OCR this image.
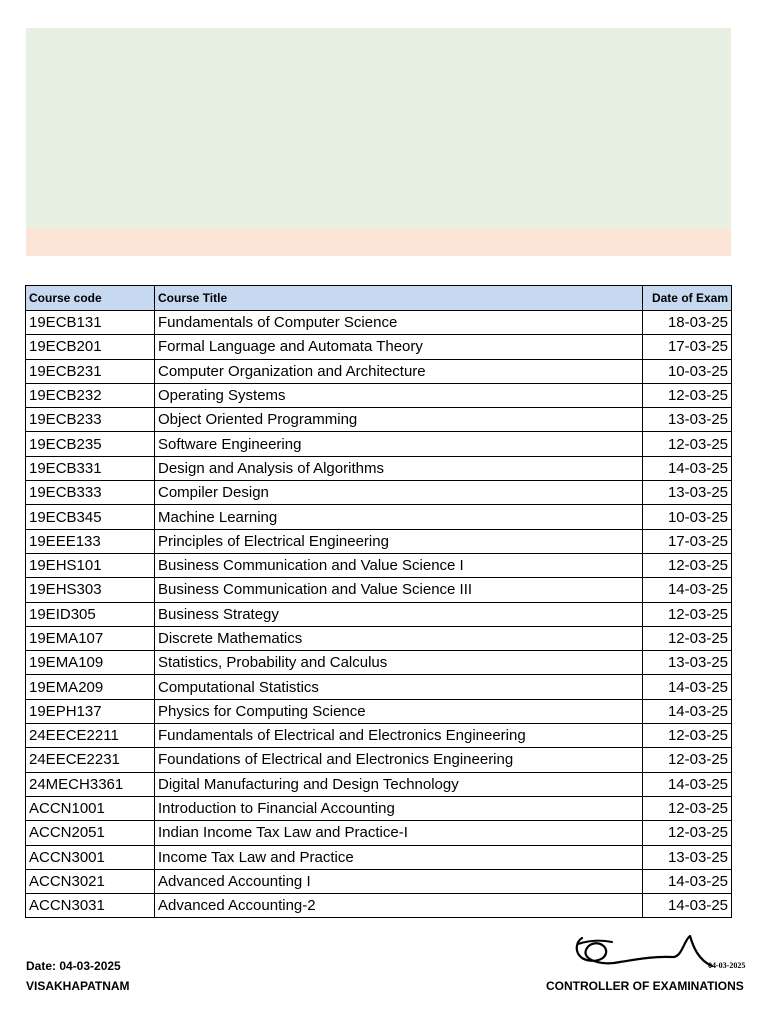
Course code	Course Title	Date of Exam
19ECB131	Fundamentals of Computer Science	18-03-25
19ECB201	Formal Language and Automata Theory	17-03-25
19ECB231	Computer Organization and Architecture	10-03-25
19ECB232	Operating Systems	12-03-25
19ECB233	Object Oriented Programming	13-03-25
19ECB235	Software Engineering	12-03-25
19ECB331	Design and Analysis of Algorithms	14-03-25
19ECB333	Compiler Design	13-03-25
19ECB345	Machine Learning	10-03-25
19EEE133	Principles of Electrical Engineering	17-03-25
19EHS101	Business Communication and Value Science I	12-03-25
19EHS303	Business Communication and Value Science III	14-03-25
19EID305	Business Strategy	12-03-25
19EMA107	Discrete Mathematics	12-03-25
19EMA109	Statistics, Probability and Calculus	13-03-25
19EMA209	Computational Statistics	14-03-25
19EPH137	Physics for Computing Science	14-03-25
24EECE2211	Fundamentals of Electrical and Electronics Engineering	12-03-25
24EECE2231	Foundations of Electrical and Electronics Engineering	12-03-25
24MECH3361	Digital Manufacturing and Design Technology	14-03-25
ACCN1001	Introduction to Financial Accounting	12-03-25
ACCN2051	Indian Income Tax Law and Practice-I	12-03-25
ACCN3001	Income Tax Law and Practice	13-03-25
ACCN3021	Advanced Accounting I	14-03-25
ACCN3031	Advanced Accounting-2	14-03-25
Date: 04-03-2025
VISAKHAPATNAM
04-03-2025
CONTROLLER OF EXAMINATIONS
